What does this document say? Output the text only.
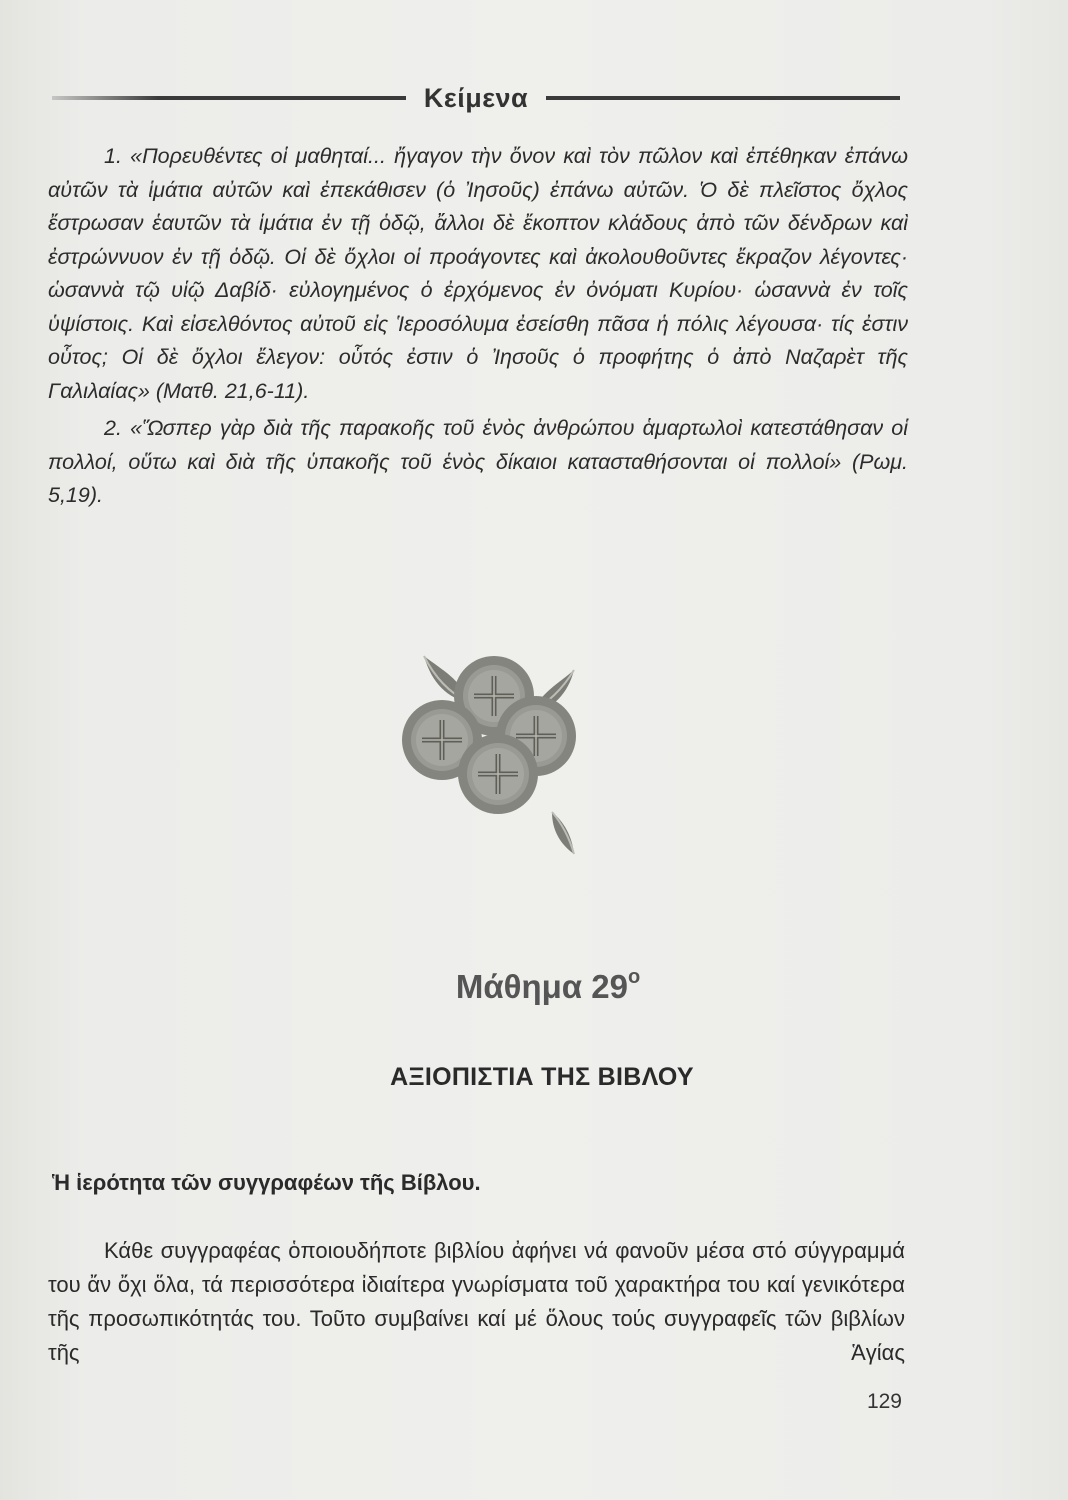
Κείμενα

1. «Πορευθέντες οἱ μαθηταί... ἤγαγον τὴν ὄνον καὶ τὸν πῶλον καὶ ἐπέθηκαν ἐπάνω αὐτῶν τὰ ἱμάτια αὐτῶν καὶ ἐπεκάθισεν (ὁ Ἰησοῦς) ἐπάνω αὐτῶν. Ὁ δὲ πλεῖστος ὄχλος ἔστρωσαν ἑαυτῶν τὰ ἱμάτια ἐν τῇ ὁδῷ, ἄλλοι δὲ ἔκοπτον κλάδους ἀπὸ τῶν δένδρων καὶ ἐστρώννυον ἐν τῇ ὁδῷ. Οἱ δὲ ὄχλοι οἱ προάγοντες καὶ ἀκολουθοῦντες ἔκραζον λέγοντες· ὡσαννὰ τῷ υἱῷ Δαβίδ· εὐλογημένος ὁ ἐρχόμενος ἐν ὀνόματι Κυρίου· ὡσαννὰ ἐν τοῖς ὑψίστοις. Καὶ εἰσελθόντος αὐτοῦ εἰς Ἱεροσόλυμα ἐσείσθη πᾶσα ἡ πόλις λέγουσα· τίς ἐστιν οὗτος; Οἱ δὲ ὄχλοι ἔλεγον: οὗτός ἐστιν ὁ Ἰησοῦς ὁ προφήτης ὁ ἀπὸ Ναζαρὲτ τῆς Γαλιλαίας» (Ματθ. 21,6-11).

2. «Ὥσπερ γὰρ διὰ τῆς παρακοῆς τοῦ ἑνὸς ἀνθρώπου ἁμαρτωλοὶ κατεστάθησαν οἱ πολλοί, οὕτω καὶ διὰ τῆς ὑπακοῆς τοῦ ἑνὸς δίκαιοι κατασταθήσονται οἱ πολλοί» (Ρωμ. 5,19).

Μάθημα $29^o$
ΑΞΙΟΠΙΣΤΙΑ ΤΗΣ ΒΙΒΛΟΥ
Ἡ ἱερότητα τῶν συγγραφέων τῆς Βίβλου.

Κάθε συγγραφέας ὁποιουδήποτε βιβλίου ἀφήνει νά φανοῦν μέσα στό σύγγραμμά του ἄν ὄχι ὅλα, τά περισσότερα ἰδιαίτερα γνωρίσματα τοῦ χαρακτήρα του καί γενικότερα τῆς προσωπικότητάς του. Τοῦτο συμβαίνει καί μέ ὅλους τούς συγγραφεῖς τῶν βιβλίων τῆς Ἁγίας

129
